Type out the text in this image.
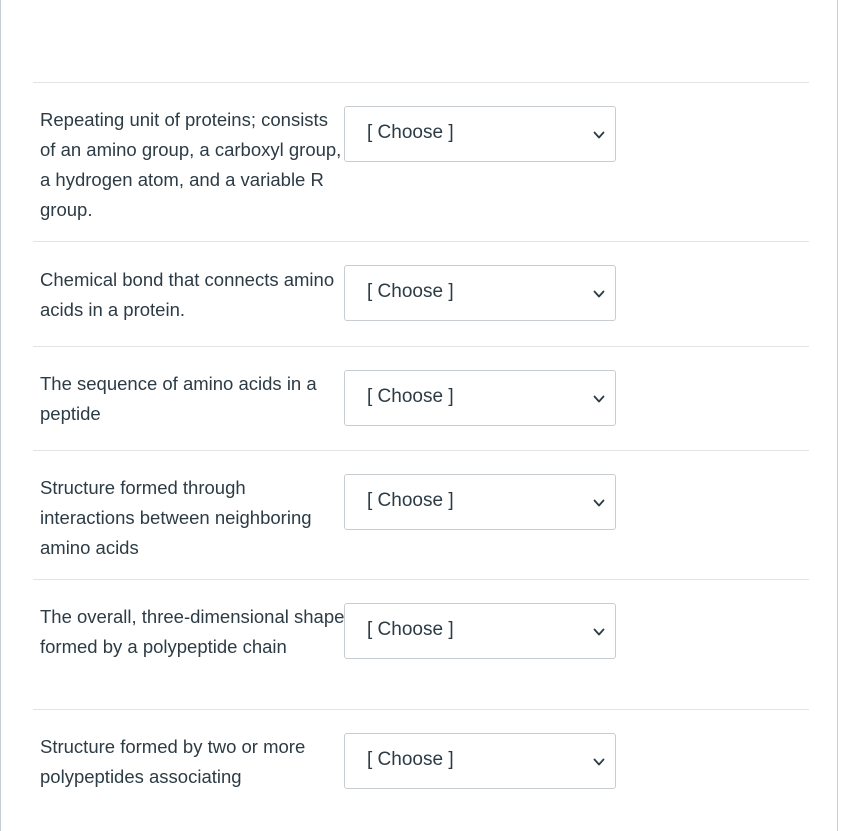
Repeating unit of proteins; consists of an amino group, a carboxyl group, a hydrogen atom, and a variable R group.

[ Choose ]

Chemical bond that connects amino acids in a protein.

[ Choose ]

The sequence of amino acids in a peptide

[ Choose ]

Structure formed through interactions between neighboring amino acids

[ Choose ]

The overall, three-dimensional shape formed by a polypeptide chain

[ Choose ]

Structure formed by two or more polypeptides associating

[ Choose ]
